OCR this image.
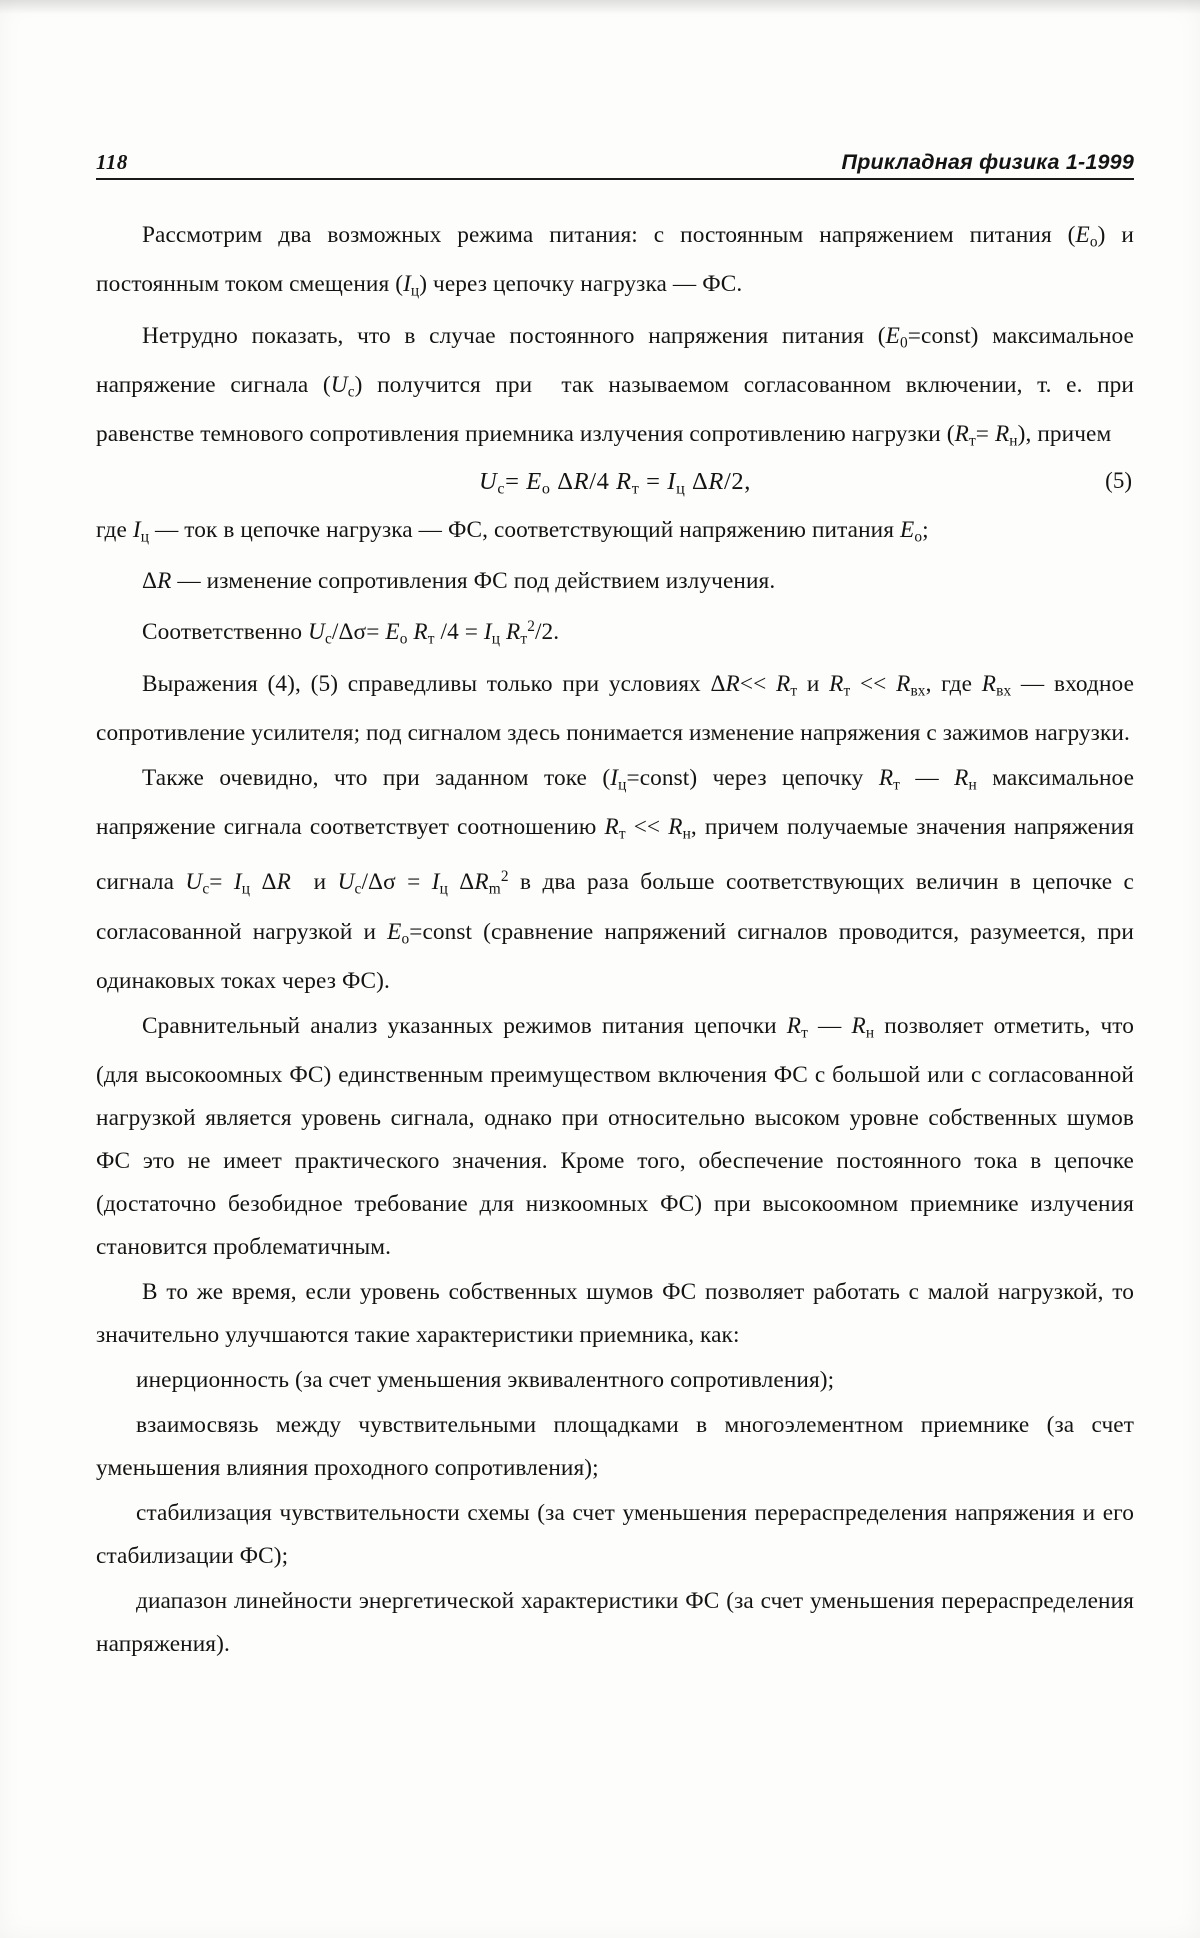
118	Прикладная физика 1-1999

Рассмотрим два возможных режима питания: с постоянным напряжением питания $(E_о)$ и постоянным током смещения $(I_ц)$ через цепочку нагрузка — ФС.

Нетрудно показать, что в случае постоянного напряжения питания $(E_0=const)$ максимальное напряжение сигнала $(U_с)$ получится при  так называемом согласованном включении, т. е. при равенстве темнового сопротивления приемника излучения сопротивлению нагрузки $(R_т= R_н)$, причем

$U_с= E_о$ ΔR/4 $R_т = I_ц$ ΔR/2,	(5)

где $I_ц$ — ток в цепочке нагрузка — ФС, соответствующий напряжению питания $E_о$;

ΔR — изменение сопротивления ФС под действием излучения.

Соответственно $U_с/\Delta\sigma= E_о$ $R_т$ $/4 = I_ц$ $R_т^2/2$.

Выражения (4), (5) справедливы только при условиях $\Delta R<< R_т$ и $R_т << R_{вх}$, где $R_{вх}$ — входное сопротивление усилителя; под сигналом здесь понимается изменение напряжения с зажимов нагрузки.

Также очевидно, что при заданном токе $(I_ц=const)$ через цепочку $R_т$ — $R_н$ максимальное напряжение сигнала соответствует соотношению $R_т << R_н$, причем получаемые значения напряжения сигнала $U_с= I_ц$ ΔR  и $U_с/\Delta\sigma = I_ц$ $\Delta R_m^2$ в два раза больше соответствующих величин в цепочке с согласованной нагрузкой и $E_о=const$ (сравнение напряжений сигналов проводится, разумеется, при одинаковых токах через ФС).

Сравнительный анализ указанных режимов питания цепочки $R_т$ — $R_н$ позволяет отметить, что (для высокоомных ФС) единственным преимуществом включения ФС с большой или с согласованной нагрузкой является уровень сигнала, однако при относительно высоком уровне собственных шумов ФС это не имеет практического значения. Кроме того, обеспечение постоянного тока в цепочке (достаточно безобидное требование для низкоомных ФС) при высокоомном приемнике излучения становится проблематичным.

В то же время, если уровень собственных шумов ФС позволяет работать с малой нагрузкой, то значительно улучшаются такие характеристики приемника, как:

инерционность (за счет уменьшения эквивалентного сопротивления);

взаимосвязь между чувствительными площадками в многоэлементном приемнике (за счет уменьшения влияния проходного сопротивления);

стабилизация чувствительности схемы (за счет уменьшения перераспределения напряжения и его стабилизации ФС);

диапазон линейности энергетической характеристики ФС (за счет уменьшения перераспределения напряжения).
